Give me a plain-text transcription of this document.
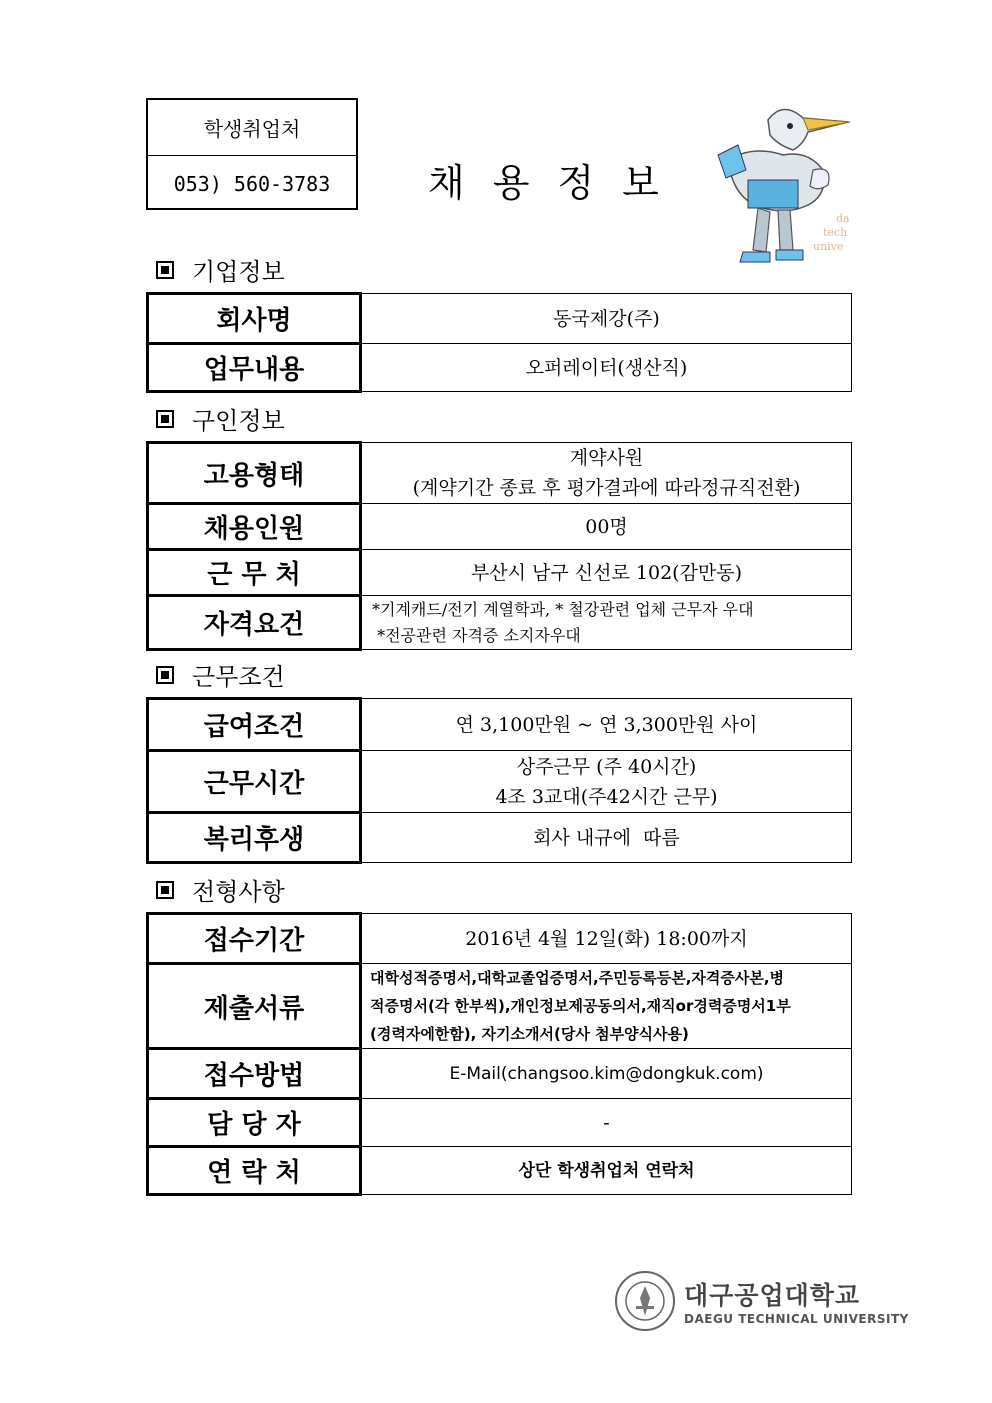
학생취업처
053) 560-3783	채용정보
da
tech
unive
기업정보
회사명	동국제강(주)
업무내용	오퍼레이터(생산직)
구인정보
고용형태	계약사원
(계약기간 종료 후 평가결과에 따라정규직전환)

채용인원	00명
근 무 처	부산시 남구 신선로 102(감만동)
자격요건	*기계캐드/전기 계열학과, * 철강관련 업체 근무자 우대
*전공관련 자격증 소지자우대
근무조건
급여조건	연 3,100만원 ~ 연 3,300만원 사이
근무시간	상주근무 (주 40시간)
4조 3교대(주42시간 근무)

복리후생	회사 내규에  따름
전형사항
접수기간	2016년 4월 12일(화) 18:00까지
제출서류	대학성적증명서,대학교졸업증명서,주민등록등본,자격증사본,병
적증명서(각 한부씩),개인정보제공동의서,재직or경력증명서1부
(경력자에한함), 자기소개서(당사 첨부양식사용)

접수방법	E-Mail(changsoo.kim@dongkuk.com)
담 당 자	-
연 락 처	상단 학생취업처 연락처
대구공업대학교
DAEGU TECHNICAL UNIVERSITY
